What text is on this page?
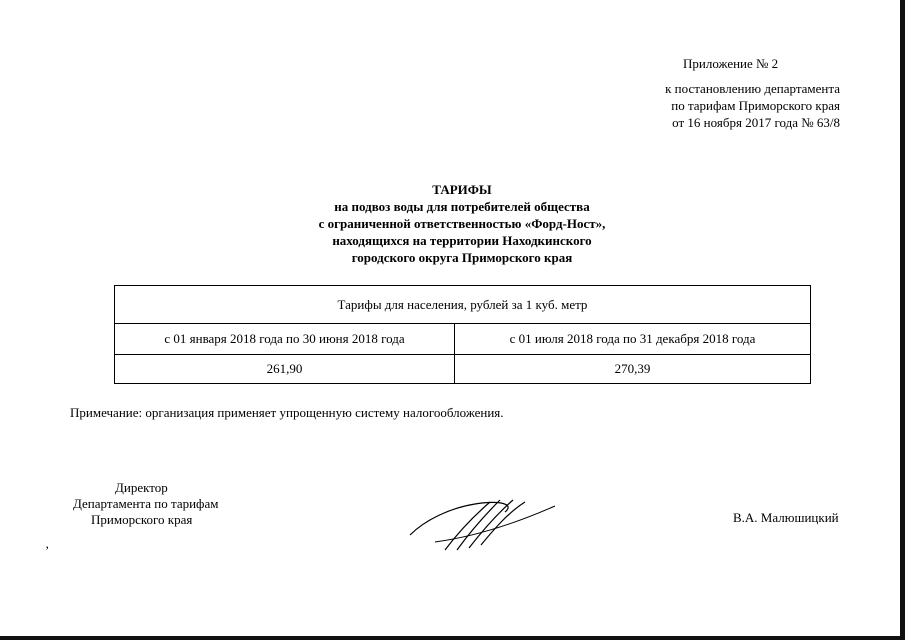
Приложение № 2
к постановлению департамента
по тарифам Приморского края
от 16 ноября 2017 года № 63/8
ТАРИФЫ
на подвоз воды для потребителей общества
с ограниченной ответственностью «Форд-Ност»,
находящихся на территории Находкинского
городского округа Приморского края
Тарифы для населения, рублей за 1 куб. метр	
с 01 января 2018 года по 30 июня 2018 года	с 01 июля 2018 года по 31 декабря 2018 года
261,90	270,39
Примечание: организация применяет упрощенную систему налогообложения.
Директор
Департамента по тарифам
Приморского края	В.А. Малюшицкий
‚
